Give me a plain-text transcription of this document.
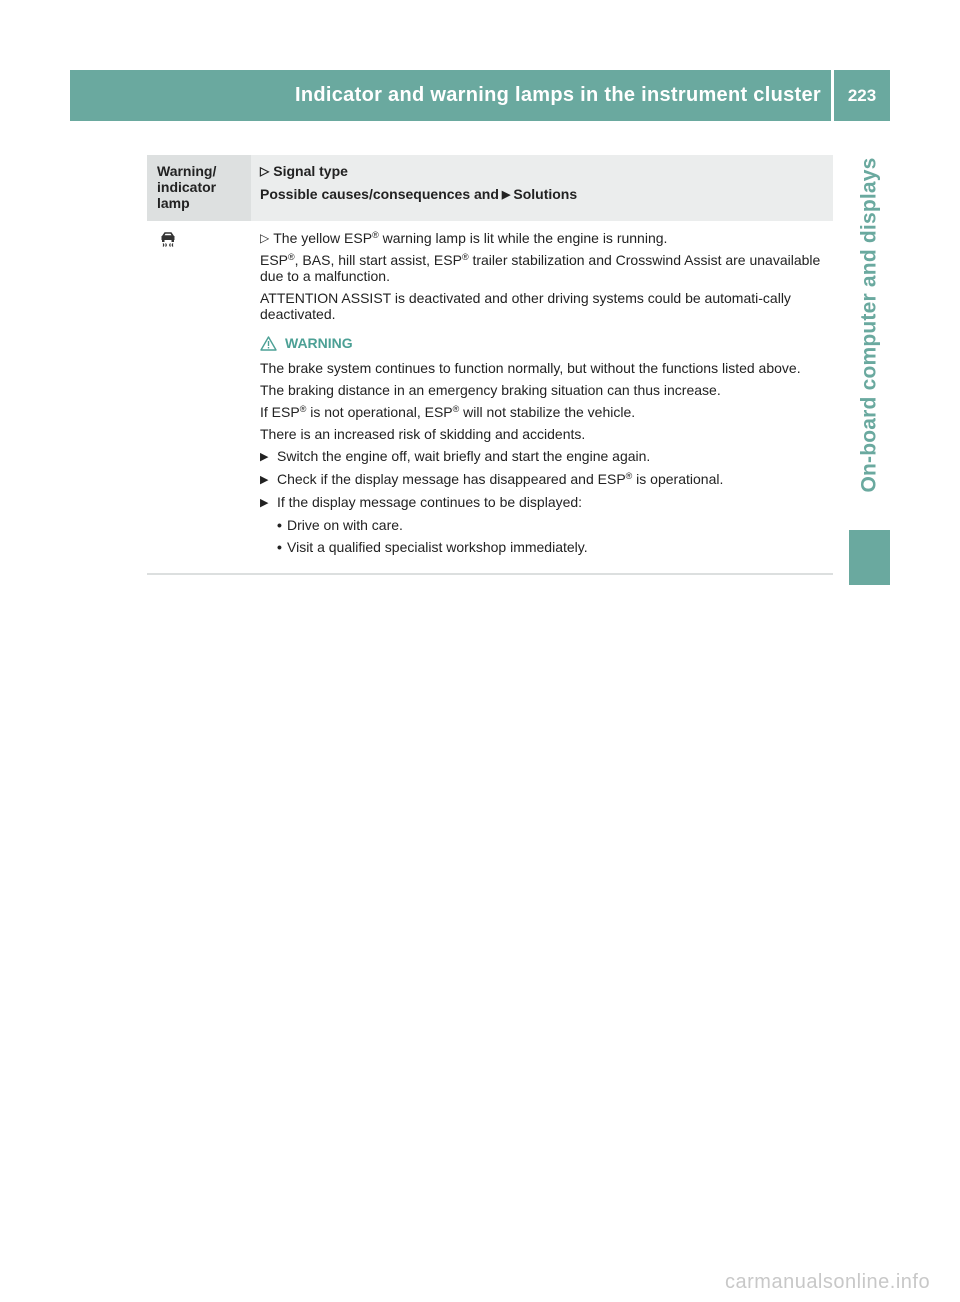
Indicator and warning lamps in the instrument cluster 223
On-board computer and displays
Warning/
indicator
lamp
▷ Signal type
Possible causes/consequences and ▶ Solutions

▷ The yellow ESP® warning lamp is lit while the engine is running.

ESP®, BAS, hill start assist, ESP® trailer stabilization and Crosswind Assist are unavailable due to a malfunction.

ATTENTION ASSIST is deactivated and other driving systems could be automati-cally deactivated.

WARNING

The brake system continues to function normally, but without the functions listed above.

The braking distance in an emergency braking situation can thus increase.

If ESP® is not operational, ESP® will not stabilize the vehicle.

There is an increased risk of skidding and accidents.

▶ Switch the engine off, wait briefly and start the engine again.
▶ Check if the display message has disappeared and ESP® is operational.
▶ If the display message continues to be displayed:
• Drive on with care.
• Visit a qualified specialist workshop immediately.
carmanualsonline.info
